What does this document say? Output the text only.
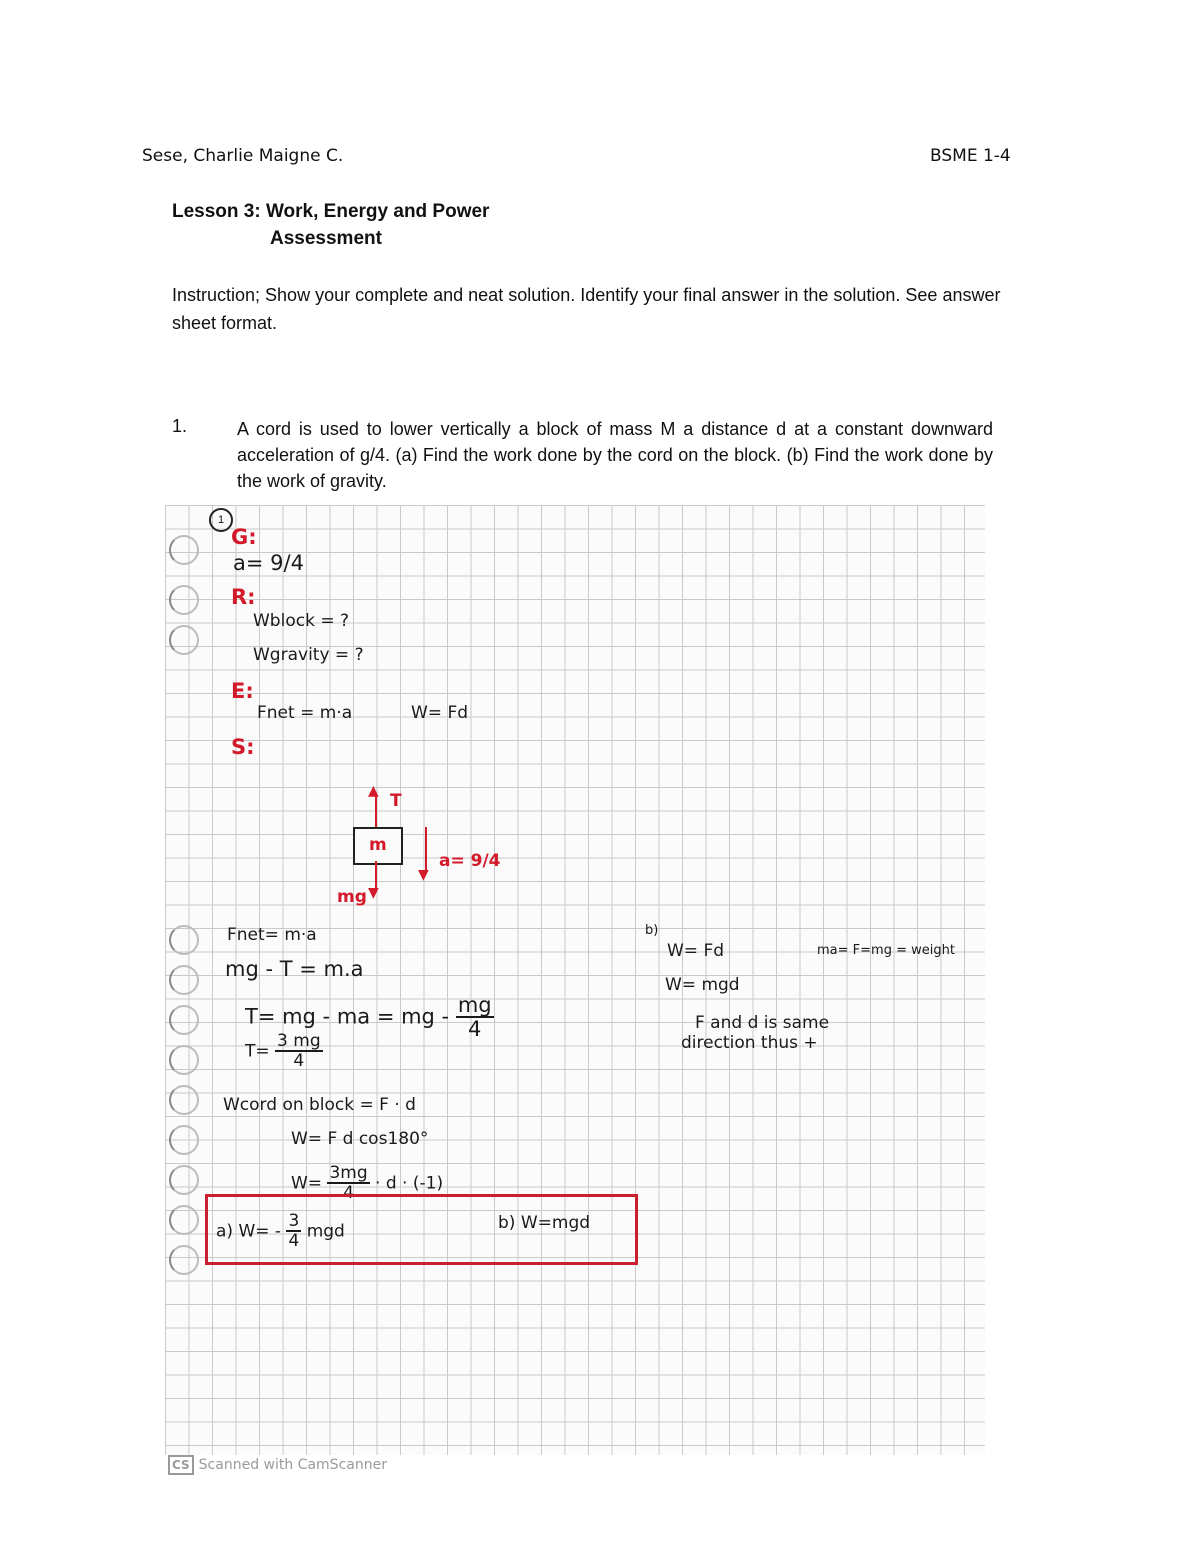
Sese, Charlie Maigne C.	BSME 1-4
Lesson 3: Work, Energy and Power
Assessment
Instruction; Show your complete and neat solution. Identify your final answer in the solution. See answer sheet format.
1.	A cord is used to lower vertically a block of mass M a distance d at a constant downward acceleration of g/4. (a) Find the work done by the cord on the block. (b) Find the work done by the work of gravity.
1
G:
a= 9/4
R:
Wblock = ?
Wgravity = ?
E:
Fnet = m·a	W= Fd
S:
▲ T
m
▼
mg
▼
a= 9/4
Fnet= m·a
mg - T = m.a
T= mg - ma = mg - $\frac{mg}{4}$
$T= \frac{3 mg}{4}$
Wcord on block = F · d
W= F d cos180°
$W= \frac{3mg}{4} \cdot d \cdot (-1)$
a) $W= - \frac{3}{4}$ mgd	b) W=mgd
b)
W= Fd	ma= F=mg = weight
W= mgd
F and d is same
direction thus +
CS Scanned with CamScanner
